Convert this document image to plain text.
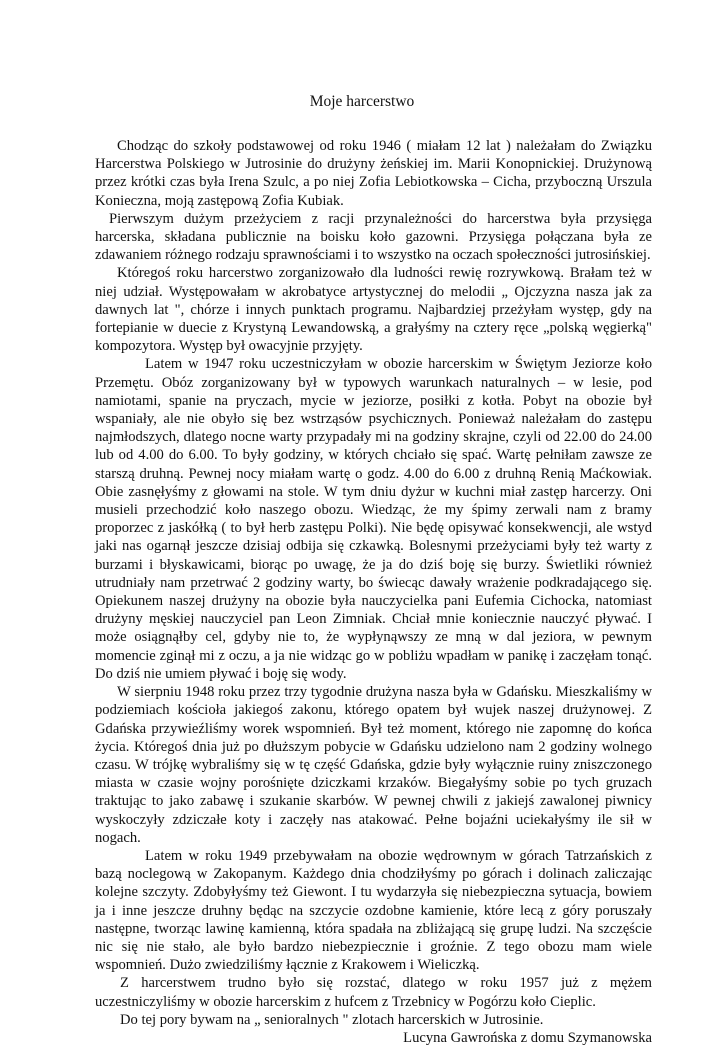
Moje harcerstwo

Chodząc do szkoły podstawowej od roku 1946 ( miałam 12 lat ) należałam do Związku Harcerstwa Polskiego w Jutrosinie do drużyny żeńskiej im. Marii Konopnickiej. Drużynową przez krótki czas była Irena Szulc, a po niej Zofia Lebiotkowska – Cicha, przyboczną Urszula Konieczna, moją zastępową Zofia Kubiak.

Pierwszym dużym przeżyciem z racji przynależności do harcerstwa była przysięga harcerska, składana publicznie na boisku koło gazowni. Przysięga połączana była ze zdawaniem różnego rodzaju sprawnościami i to wszystko na oczach społeczności jutrosińskiej.

Któregoś roku harcerstwo zorganizowało dla ludności rewię rozrywkową. Brałam też w niej udział. Występowałam w akrobatyce artystycznej do melodii „ Ojczyzna nasza jak za dawnych lat ", chórze i innych punktach programu. Najbardziej przeżyłam występ, gdy na fortepianie w duecie z Krystyną Lewandowską, a grałyśmy na cztery ręce „polską węgierką" kompozytora. Występ był owacyjnie przyjęty.

Latem w 1947 roku uczestniczyłam w obozie harcerskim w Świętym Jeziorze koło Przemętu. Obóz zorganizowany był w typowych warunkach naturalnych – w lesie, pod namiotami, spanie na pryczach, mycie w jeziorze, posiłki z kotła. Pobyt na obozie był wspaniały, ale nie obyło się bez wstrząsów psychicznych. Ponieważ należałam do zastępu najmłodszych, dlatego nocne warty przypadały mi na godziny skrajne, czyli od 22.00 do 24.00 lub od 4.00 do 6.00. To były godziny, w których chciało się spać. Wartę pełniłam zawsze ze starszą druhną. Pewnej nocy miałam wartę o godz. 4.00 do 6.00 z druhną Renią Maćkowiak. Obie zasnęłyśmy z głowami na stole. W tym dniu dyżur w kuchni miał zastęp harcerzy. Oni musieli przechodzić koło naszego obozu. Wiedząc, że my śpimy zerwali nam z bramy proporzec z jaskółką ( to był herb zastępu Polki). Nie będę opisywać konsekwencji, ale wstyd jaki nas ogarnął jeszcze dzisiaj odbija się czkawką. Bolesnymi przeżyciami były też warty z burzami i błyskawicami, biorąc po uwagę, że ja do dziś boję się burzy. Świetliki również utrudniały nam przetrwać 2 godziny warty, bo świecąc dawały wrażenie podkradającego się. Opiekunem naszej drużyny na obozie była nauczycielka pani Eufemia Cichocka, natomiast drużyny męskiej nauczyciel pan Leon Zimniak. Chciał mnie koniecznie nauczyć pływać. I może osiągnąłby cel, gdyby nie to, że wypłynąwszy ze mną w dal jeziora, w pewnym momencie zginął mi z oczu, a ja nie widząc go w pobliżu wpadłam w panikę i zaczęłam tonąć. Do dziś nie umiem pływać i boję się wody.

W sierpniu 1948 roku przez trzy tygodnie drużyna nasza była w Gdańsku. Mieszkaliśmy w podziemiach kościoła jakiegoś zakonu, którego opatem był wujek naszej drużynowej. Z Gdańska przywieźliśmy worek wspomnień. Był też moment, którego nie zapomnę do końca życia. Któregoś dnia już po dłuższym pobycie w Gdańsku udzielono nam 2 godziny wolnego czasu. W trójkę wybraliśmy się w tę część Gdańska, gdzie były wyłącznie ruiny zniszczonego miasta w czasie wojny porośnięte dziczkami krzaków. Biegałyśmy sobie po tych gruzach traktując to jako zabawę i szukanie skarbów. W pewnej chwili z jakiejś zawalonej piwnicy wyskoczyły zdziczałe koty i zaczęły nas atakować. Pełne bojaźni uciekałyśmy ile sił w nogach.

Latem w roku 1949 przebywałam na obozie wędrownym w górach Tatrzańskich z bazą noclegową w Zakopanym. Każdego dnia chodziłyśmy po górach i dolinach zaliczając kolejne szczyty. Zdobyłyśmy też Giewont. I tu wydarzyła się niebezpieczna sytuacja, bowiem ja i inne jeszcze druhny będąc na szczycie ozdobne kamienie, które lecą z góry poruszały następne, tworząc lawinę kamienną, która spadała na zbliżającą się grupę ludzi. Na szczęście nic się nie stało, ale było bardzo niebezpiecznie i groźnie. Z tego obozu mam wiele wspomnień. Dużo zwiedziliśmy łącznie z Krakowem i Wieliczką.

Z harcerstwem trudno było się rozstać, dlatego w roku 1957 już z mężem uczestniczyliśmy w obozie harcerskim z hufcem z Trzebnicy w Pogórzu koło Cieplic.

Do tej pory bywam na „ senioralnych " zlotach harcerskich w Jutrosinie.

Lucyna Gawrońska z domu Szymanowska
